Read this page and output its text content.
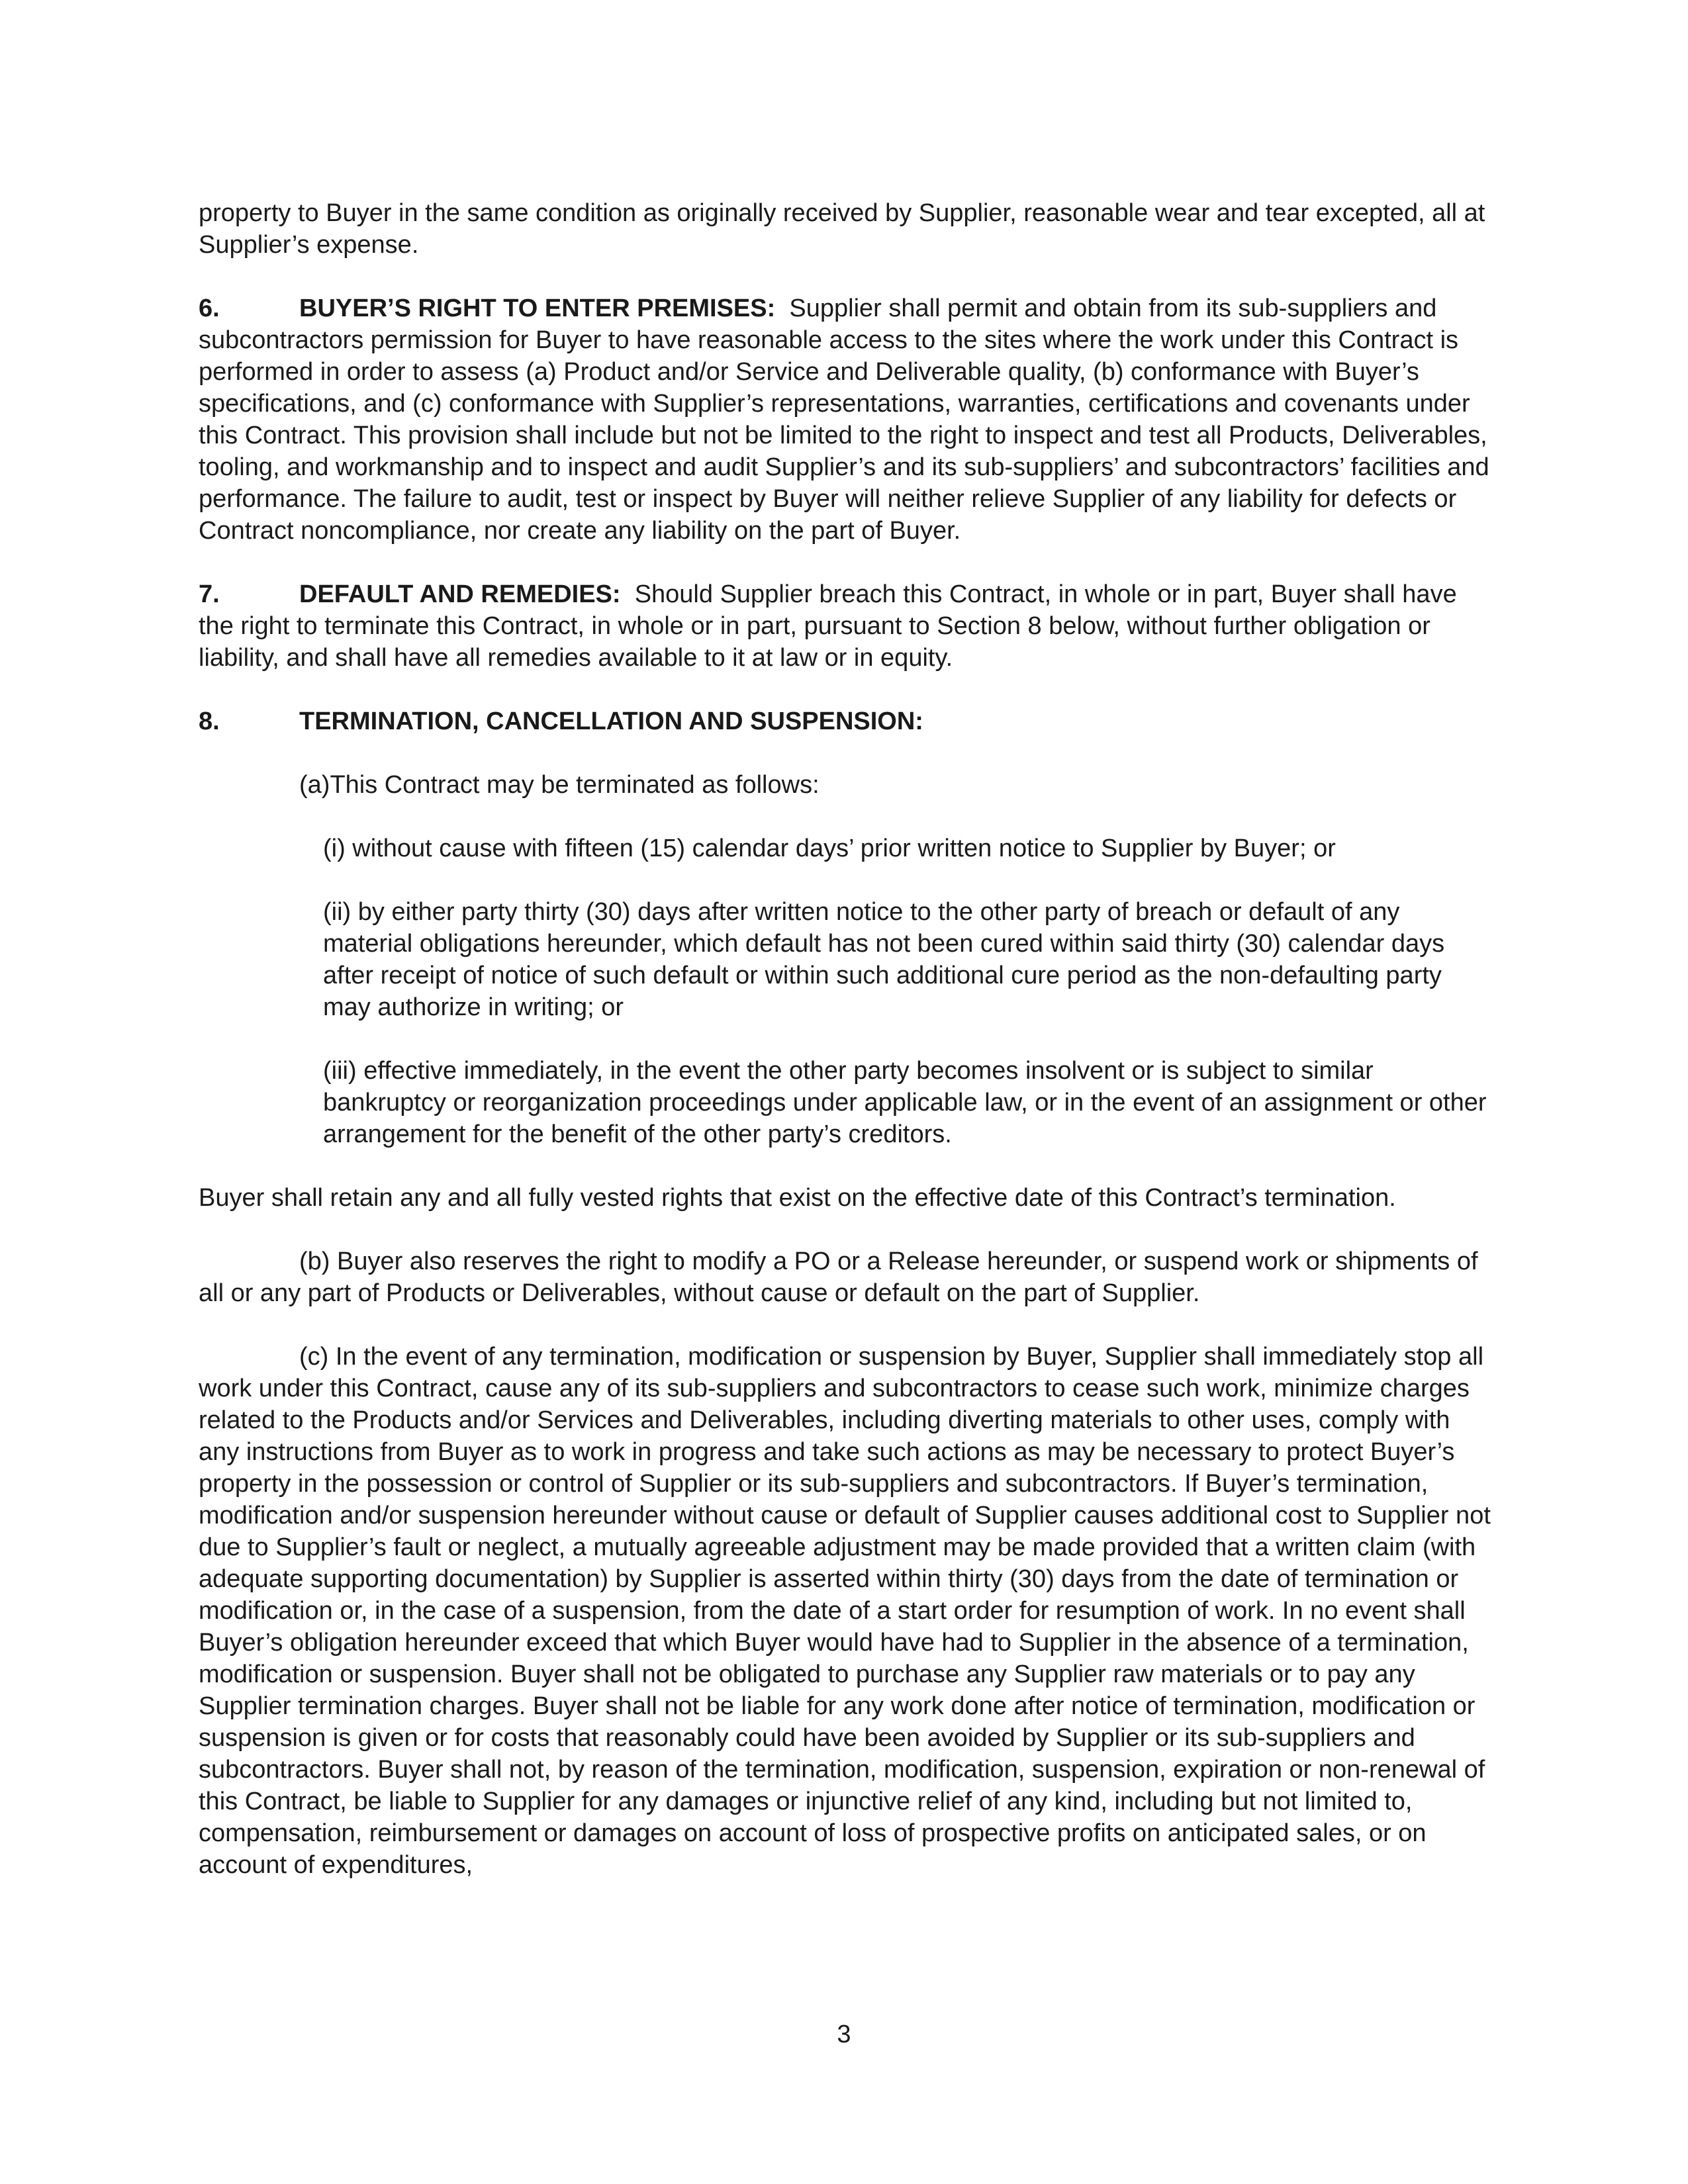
property to Buyer in the same condition as originally received by Supplier, reasonable wear and tear excepted, all at Supplier’s expense.

6.	BUYER’S RIGHT TO ENTER PREMISES: Supplier shall permit and obtain from its sub-suppliers and subcontractors permission for Buyer to have reasonable access to the sites where the work under this Contract is performed in order to assess (a) Product and/or Service and Deliverable quality, (b) conformance with Buyer’s specifications, and (c) conformance with Supplier’s representations, warranties, certifications and covenants under this Contract. This provision shall include but not be limited to the right to inspect and test all Products, Deliverables, tooling, and workmanship and to inspect and audit Supplier’s and its sub-suppliers’ and subcontractors’ facilities and performance. The failure to audit, test or inspect by Buyer will neither relieve Supplier of any liability for defects or Contract noncompliance, nor create any liability on the part of Buyer.

7.	DEFAULT AND REMEDIES: Should Supplier breach this Contract, in whole or in part, Buyer shall have the right to terminate this Contract, in whole or in part, pursuant to Section 8 below, without further obligation or liability, and shall have all remedies available to it at law or in equity.

8.	TERMINATION, CANCELLATION AND SUSPENSION:

(a)This Contract may be terminated as follows:

(i) without cause with fifteen (15) calendar days’ prior written notice to Supplier by Buyer; or

(ii) by either party thirty (30) days after written notice to the other party of breach or default of any material obligations hereunder, which default has not been cured within said thirty (30) calendar days after receipt of notice of such default or within such additional cure period as the non-defaulting party may authorize in writing; or

(iii) effective immediately, in the event the other party becomes insolvent or is subject to similar bankruptcy or reorganization proceedings under applicable law, or in the event of an assignment or other arrangement for the benefit of the other party’s creditors.

Buyer shall retain any and all fully vested rights that exist on the effective date of this Contract’s termination.

(b) Buyer also reserves the right to modify a PO or a Release hereunder, or suspend work or shipments of all or any part of Products or Deliverables, without cause or default on the part of Supplier.

(c) In the event of any termination, modification or suspension by Buyer, Supplier shall immediately stop all work under this Contract, cause any of its sub-suppliers and subcontractors to cease such work, minimize charges related to the Products and/or Services and Deliverables, including diverting materials to other uses, comply with any instructions from Buyer as to work in progress and take such actions as may be necessary to protect Buyer’s property in the possession or control of Supplier or its sub-suppliers and subcontractors. If Buyer’s termination, modification and/or suspension hereunder without cause or default of Supplier causes additional cost to Supplier not due to Supplier’s fault or neglect, a mutually agreeable adjustment may be made provided that a written claim (with adequate supporting documentation) by Supplier is asserted within thirty (30) days from the date of termination or modification or, in the case of a suspension, from the date of a start order for resumption of work. In no event shall Buyer’s obligation hereunder exceed that which Buyer would have had to Supplier in the absence of a termination, modification or suspension. Buyer shall not be obligated to purchase any Supplier raw materials or to pay any Supplier termination charges. Buyer shall not be liable for any work done after notice of termination, modification or suspension is given or for costs that reasonably could have been avoided by Supplier or its sub-suppliers and subcontractors. Buyer shall not, by reason of the termination, modification, suspension, expiration or non-renewal of this Contract, be liable to Supplier for any damages or injunctive relief of any kind, including but not limited to, compensation, reimbursement or damages on account of loss of prospective profits on anticipated sales, or on account of expenditures,

3
